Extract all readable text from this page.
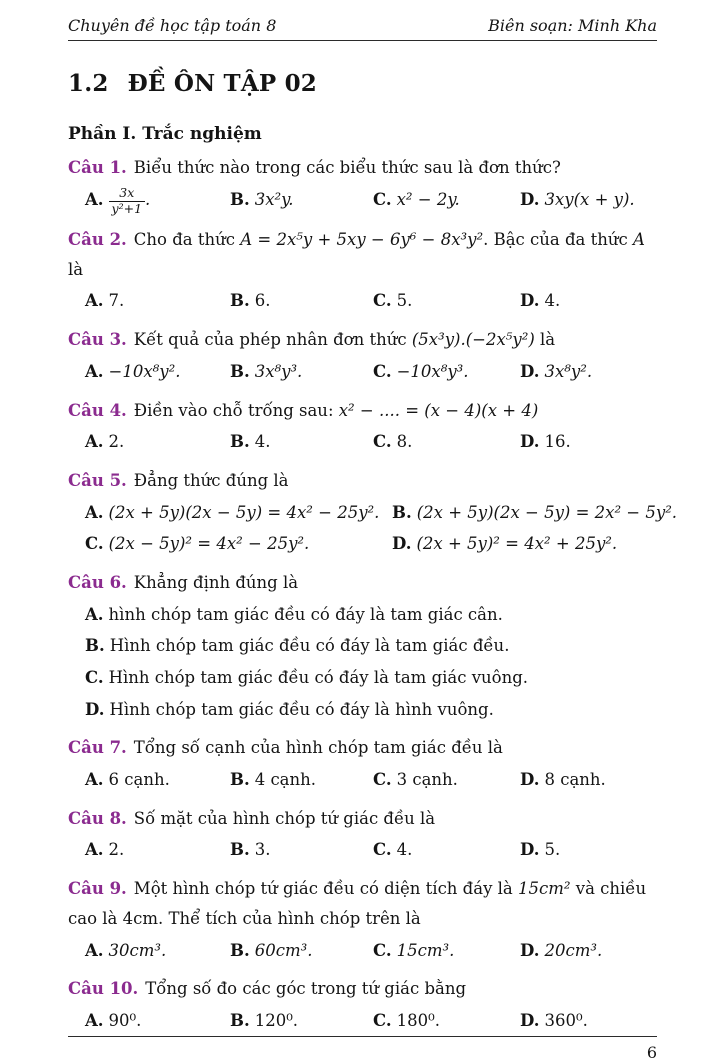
Chuyên đề học tập toán 8	Biên soạn: Minh Kha
1.2 ĐỀ ÔN TẬP 02
Phần I. Trắc nghiệm
Câu 1. Biểu thức nào trong các biểu thức sau là đơn thức?
A. $\frac{3x}{\text{y²+1}}$ .	B. 3x²y.	C. x² − 2y.	D. 3xy(x + y).
Câu 2. Cho đa thức A = 2x⁵y + 5xy − 6y⁶ − 8x³y². Bậc của đa thức A là
A. 7.	B. 6.	C. 5.	D. 4.
Câu 3. Kết quả của phép nhân đơn thức (5x³y).(−2x⁵y²) là
A. −10x⁸y².	B. 3x⁸y³.	C. −10x⁸y³.	D. 3x⁸y².
Câu 4. Điền vào chỗ trống sau: x² − .... = (x − 4)(x + 4)
A. 2.	B. 4.	C. 8.	D. 16.
Câu 5. Đẳng thức đúng là
A. (2x + 5y)(2x − 5y) = 4x² − 25y². B. (2x + 5y)(2x − 5y) = 2x² − 5y².
C. (2x − 5y)² = 4x² − 25y².	D. (2x + 5y)² = 4x² + 25y².
Câu 6. Khẳng định đúng là
A. hình chóp tam giác đều có đáy là tam giác cân.
B. Hình chóp tam giác đều có đáy là tam giác đều.
C. Hình chóp tam giác đều có đáy là tam giác vuông.
D. Hình chóp tam giác đều có đáy là hình vuông.
Câu 7. Tổng số cạnh của hình chóp tam giác đều là
A. 6 cạnh.	B. 4 cạnh.	C. 3 cạnh.	D. 8 cạnh.
Câu 8. Số mặt của hình chóp tứ giác đều là
A. 2.	B. 3.	C. 4.	D. 5.
Câu 9. Một hình chóp tứ giác đều có diện tích đáy là 15cm² và chiều cao là 4cm. Thể tích của hình chóp trên là
A. 30cm³.	B. 60cm³.	C. 15cm³.	D. 20cm³.
Câu 10. Tổng số đo các góc trong tứ giác bằng
A. 90⁰.	B. 120⁰.	C. 180⁰.	D. 360⁰.
6
